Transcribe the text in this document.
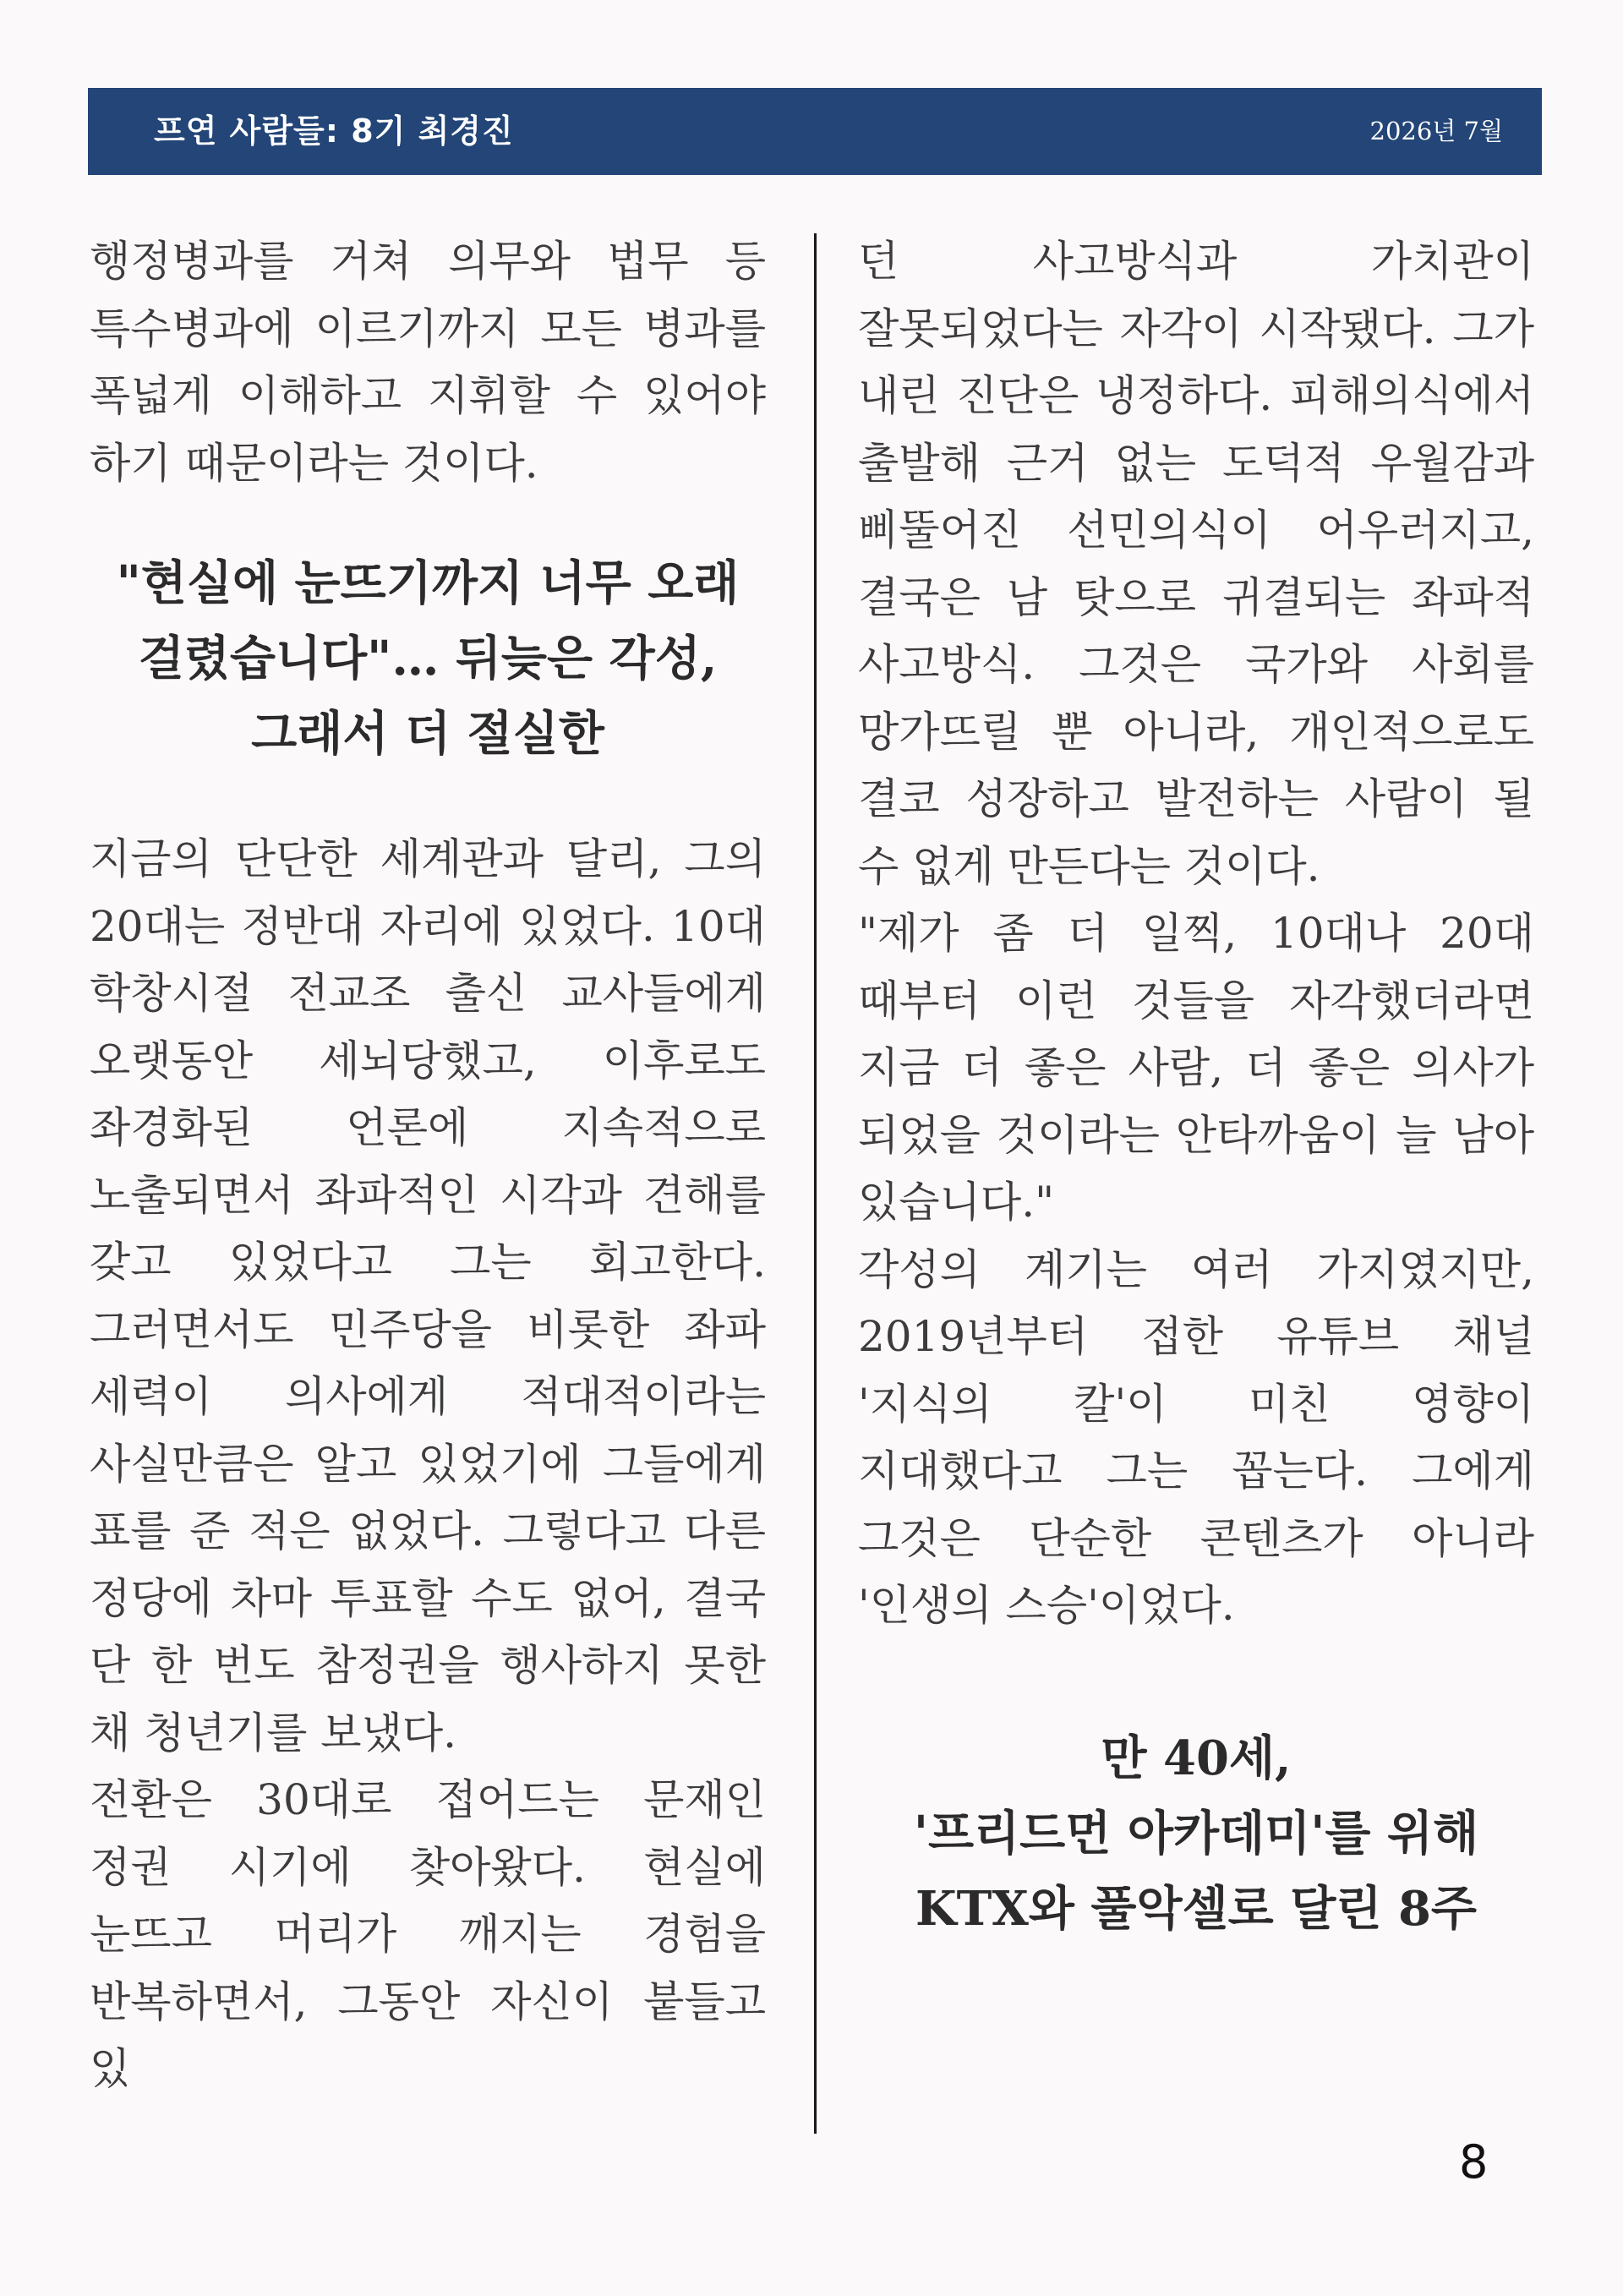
프연 사람들: 8기 최경진	2026년 7월

행정병과를 거쳐 의무와 법무 등 특수병과에 이르기까지 모든 병과를 폭넓게 이해하고 지휘할 수 있어야 하기 때문이라는 것이다.

"현실에 눈뜨기까지 너무 오래 걸렸습니다"… 뒤늦은 각성, 그래서 더 절실한

지금의 단단한 세계관과 달리, 그의 20대는 정반대 자리에 있었다. 10대 학창시절 전교조 출신 교사들에게 오랫동안 세뇌당했고, 이후로도 좌경화된 언론에 지속적으로 노출되면서 좌파적인 시각과 견해를 갖고 있었다고 그는 회고한다. 그러면서도 민주당을 비롯한 좌파 세력이 의사에게 적대적이라는 사실만큼은 알고 있었기에 그들에게 표를 준 적은 없었다. 그렇다고 다른 정당에 차마 투표할 수도 없어, 결국 단 한 번도 참정권을 행사하지 못한 채 청년기를 보냈다.

전환은 30대로 접어드는 문재인 정권 시기에 찾아왔다. 현실에 눈뜨고 머리가 깨지는 경험을 반복하면서, 그동안 자신이 붙들고 있

던 사고방식과 가치관이 잘못되었다는 자각이 시작됐다. 그가 내린 진단은 냉정하다. 피해의식에서 출발해 근거 없는 도덕적 우월감과 삐뚤어진 선민의식이 어우러지고, 결국은 남 탓으로 귀결되는 좌파적 사고방식. 그것은 국가와 사회를 망가뜨릴 뿐 아니라, 개인적으로도 결코 성장하고 발전하는 사람이 될 수 없게 만든다는 것이다.

"제가 좀 더 일찍, 10대나 20대 때부터 이런 것들을 자각했더라면 지금 더 좋은 사람, 더 좋은 의사가 되었을 것이라는 안타까움이 늘 남아 있습니다."

각성의 계기는 여러 가지였지만, 2019년부터 접한 유튜브 채널 '지식의 칼'이 미친 영향이 지대했다고 그는 꼽는다. 그에게 그것은 단순한 콘텐츠가 아니라 '인생의 스승'이었다.

만 40세,

'프리드먼 아카데미'를 위해

KTX와 풀악셀로 달린 8주

8
